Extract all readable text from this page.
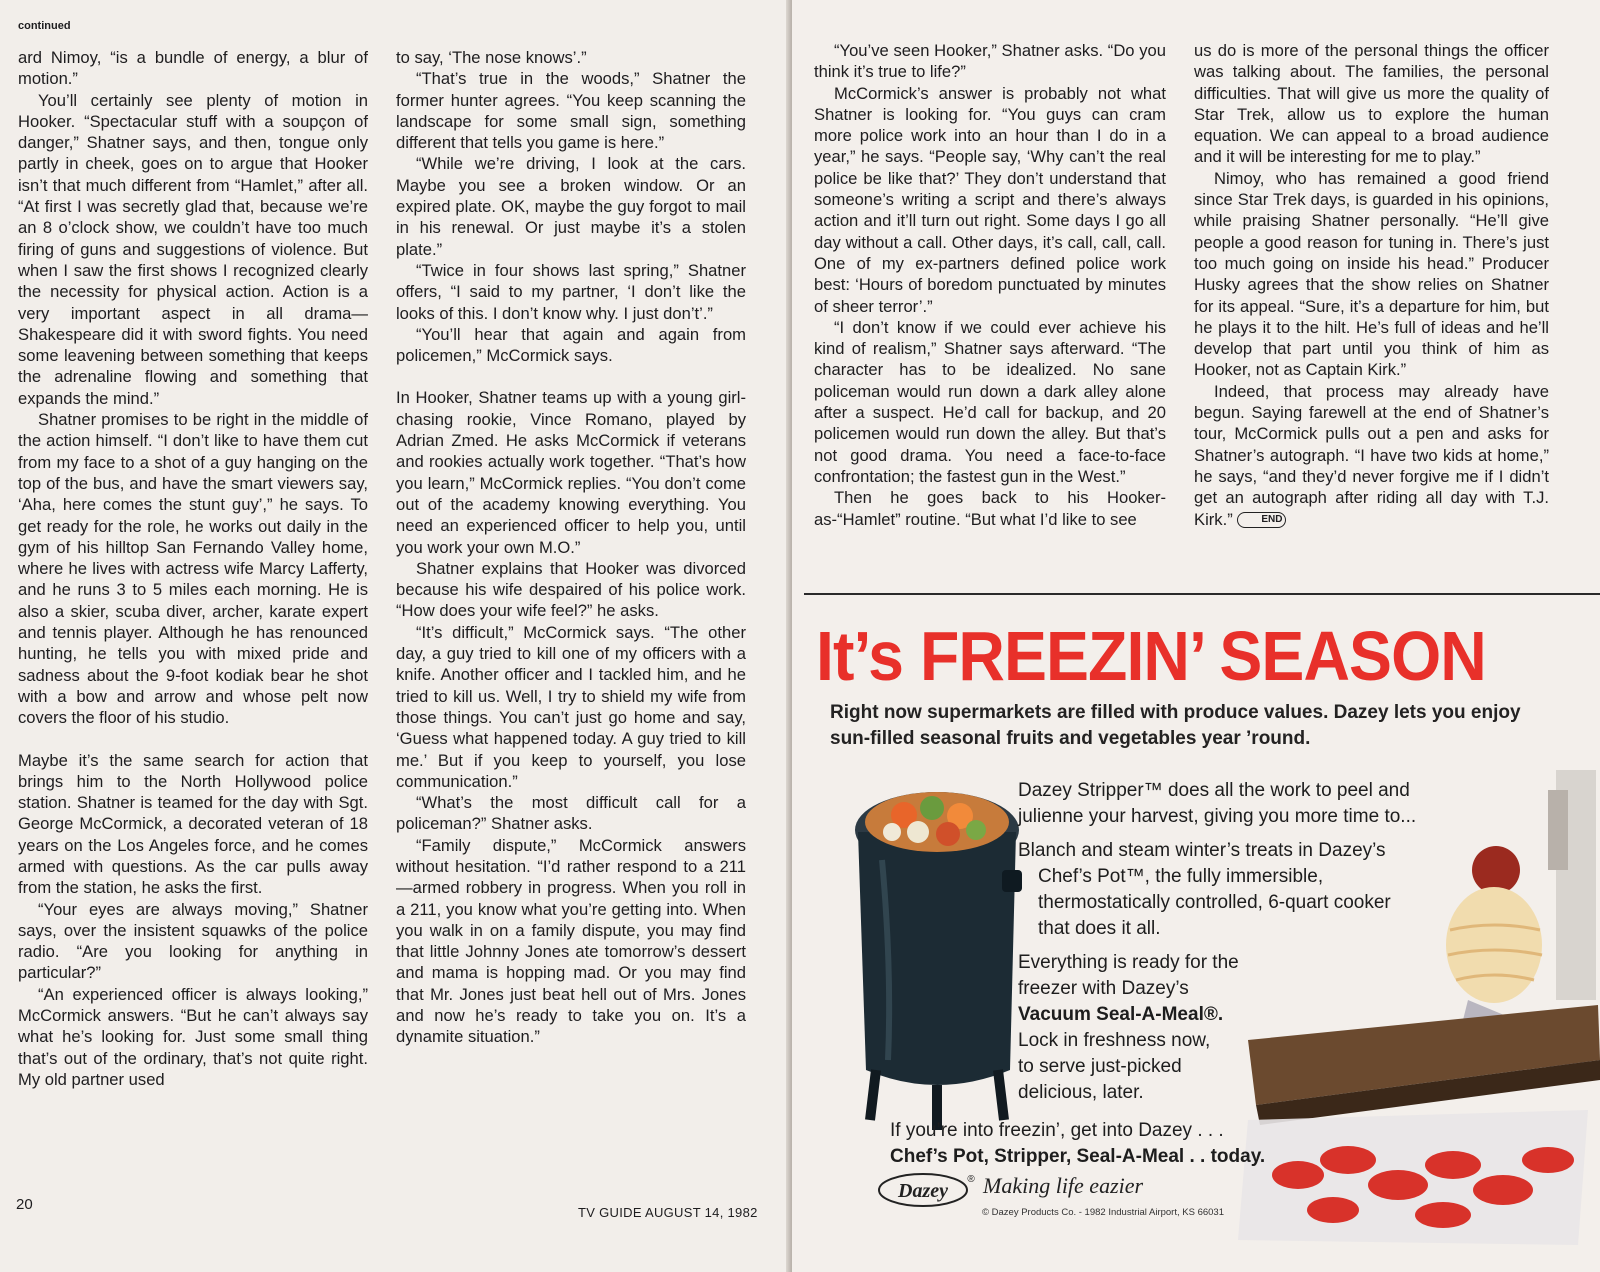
continued

ard Nimoy, “is a bundle of energy, a blur of motion.”

You’ll certainly see plenty of motion in Hooker. “Spectacular stuff with a soupçon of danger,” Shatner says, and then, tongue only partly in cheek, goes on to argue that Hooker isn’t that much different from “Hamlet,” after all. “At first I was secretly glad that, because we’re an 8 o’clock show, we couldn’t have too much firing of guns and suggestions of violence. But when I saw the first shows I recognized clearly the necessity for physical action. Action is a very important aspect in all drama—Shakespeare did it with sword fights. You need some leavening between something that keeps the adrenaline flowing and something that expands the mind.”

Shatner promises to be right in the middle of the action himself. “I don’t like to have them cut from my face to a shot of a guy hanging on the top of the bus, and have the smart viewers say, ‘Aha, here comes the stunt guy’,” he says. To get ready for the role, he works out daily in the gym of his hilltop San Fernando Valley home, where he lives with actress wife Marcy Lafferty, and he runs 3 to 5 miles each morning. He is also a skier, scuba diver, archer, karate expert and tennis player. Although he has renounced hunting, he tells you with mixed pride and sadness about the 9-foot kodiak bear he shot with a bow and arrow and whose pelt now covers the floor of his studio.

Maybe it’s the same search for action that brings him to the North Hollywood police station. Shatner is teamed for the day with Sgt. George McCormick, a decorated veteran of 18 years on the Los Angeles force, and he comes armed with questions. As the car pulls away from the station, he asks the first.

“Your eyes are always moving,” Shatner says, over the insistent squawks of the police radio. “Are you looking for anything in particular?”

“An experienced officer is always looking,” McCormick answers. “But he can’t always say what he’s looking for. Just some small thing that’s out of the ordinary, that’s not quite right. My old partner used

to say, ‘The nose knows’.”

“That’s true in the woods,” Shatner the former hunter agrees. “You keep scanning the landscape for some small sign, something different that tells you game is here.”

“While we’re driving, I look at the cars. Maybe you see a broken window. Or an expired plate. OK, maybe the guy forgot to mail in his renewal. Or just maybe it’s a stolen plate.”

“Twice in four shows last spring,” Shatner offers, “I said to my partner, ‘I don’t like the looks of this. I don’t know why. I just don’t’.”

“You’ll hear that again and again from policemen,” McCormick says.

In Hooker, Shatner teams up with a young girl-chasing rookie, Vince Romano, played by Adrian Zmed. He asks McCormick if veterans and rookies actually work together. “That’s how you learn,” McCormick replies. “You don’t come out of the academy knowing everything. You need an experienced officer to help you, until you work your own M.O.”

Shatner explains that Hooker was divorced because his wife despaired of his police work. “How does your wife feel?” he asks.

“It’s difficult,” McCormick says. “The other day, a guy tried to kill one of my officers with a knife. Another officer and I tackled him, and he tried to kill us. Well, I try to shield my wife from those things. You can’t just go home and say, ‘Guess what happened today. A guy tried to kill me.’ But if you keep to yourself, you lose communication.”

“What’s the most difficult call for a policeman?” Shatner asks.

“Family dispute,” McCormick answers without hesitation. “I’d rather respond to a 211—armed robbery in progress. When you roll in a 211, you know what you’re getting into. When you walk in on a family dispute, you may find that little Johnny Jones ate tomorrow’s dessert and mama is hopping mad. Or you may find that Mr. Jones just beat hell out of Mrs. Jones and now he’s ready to take you on. It’s a dynamite situation.”

20	TV GUIDE AUGUST 14, 1982

“You’ve seen Hooker,” Shatner asks. “Do you think it’s true to life?”

McCormick’s answer is probably not what Shatner is looking for. “You guys can cram more police work into an hour than I do in a year,” he says. “People say, ‘Why can’t the real police be like that?’ They don’t understand that someone’s writing a script and there’s always action and it’ll turn out right. Some days I go all day without a call. Other days, it’s call, call, call. One of my ex-partners defined police work best: ‘Hours of boredom punctuated by minutes of sheer terror’.”

“I don’t know if we could ever achieve his kind of realism,” Shatner says afterward. “The character has to be idealized. No sane policeman would run down a dark alley alone after a suspect. He’d call for backup, and 20 policemen would run down the alley. But that’s not good drama. You need a face-to-face confrontation; the fastest gun in the West.”

Then he goes back to his Hooker-as-“Hamlet” routine. “But what I’d like to see

us do is more of the personal things the officer was talking about. The families, the personal difficulties. That will give us more the quality of Star Trek, allow us to explore the human equation. We can appeal to a broad audience and it will be interesting for me to play.”

Nimoy, who has remained a good friend since Star Trek days, is guarded in his opinions, while praising Shatner personally. “He’ll give people a good reason for tuning in. There’s just too much going on inside his head.” Producer Husky agrees that the show relies on Shatner for its appeal. “Sure, it’s a departure for him, but he plays it to the hilt. He’s full of ideas and he’ll develop that part until you think of him as Hooker, not as Captain Kirk.”

Indeed, that process may already have begun. Saying farewell at the end of Shatner’s tour, McCormick pulls out a pen and asks for Shatner’s autograph. “I have two kids at home,” he says, “and they’d never forgive me if I didn’t get an autograph after riding all day with T.J. Kirk.”	END

It’s FREEZIN’ SEASON
Right now supermarkets are filled with produce values. Dazey lets you enjoy sun-filled seasonal fruits and vegetables year ’round.
Dazey Stripper™ does all the work to peel and
julienne your harvest, giving you more time to...
Blanch and steam winter’s treats in Dazey’s
Chef’s Pot™, the fully immersible,
thermostatically controlled, 6-quart cooker
that does it all.
Everything is ready for the
freezer with Dazey’s
Vacuum Seal-A-Meal®.
Lock in freshness now,
to serve just-picked
delicious, later.
If you’re into freezin’, get into Dazey . . .
Chef’s Pot, Stripper, Seal-A-Meal . . today.
Dazey
® Making life eazier
© Dazey Products Co. - 1982 Industrial Airport, KS 66031
